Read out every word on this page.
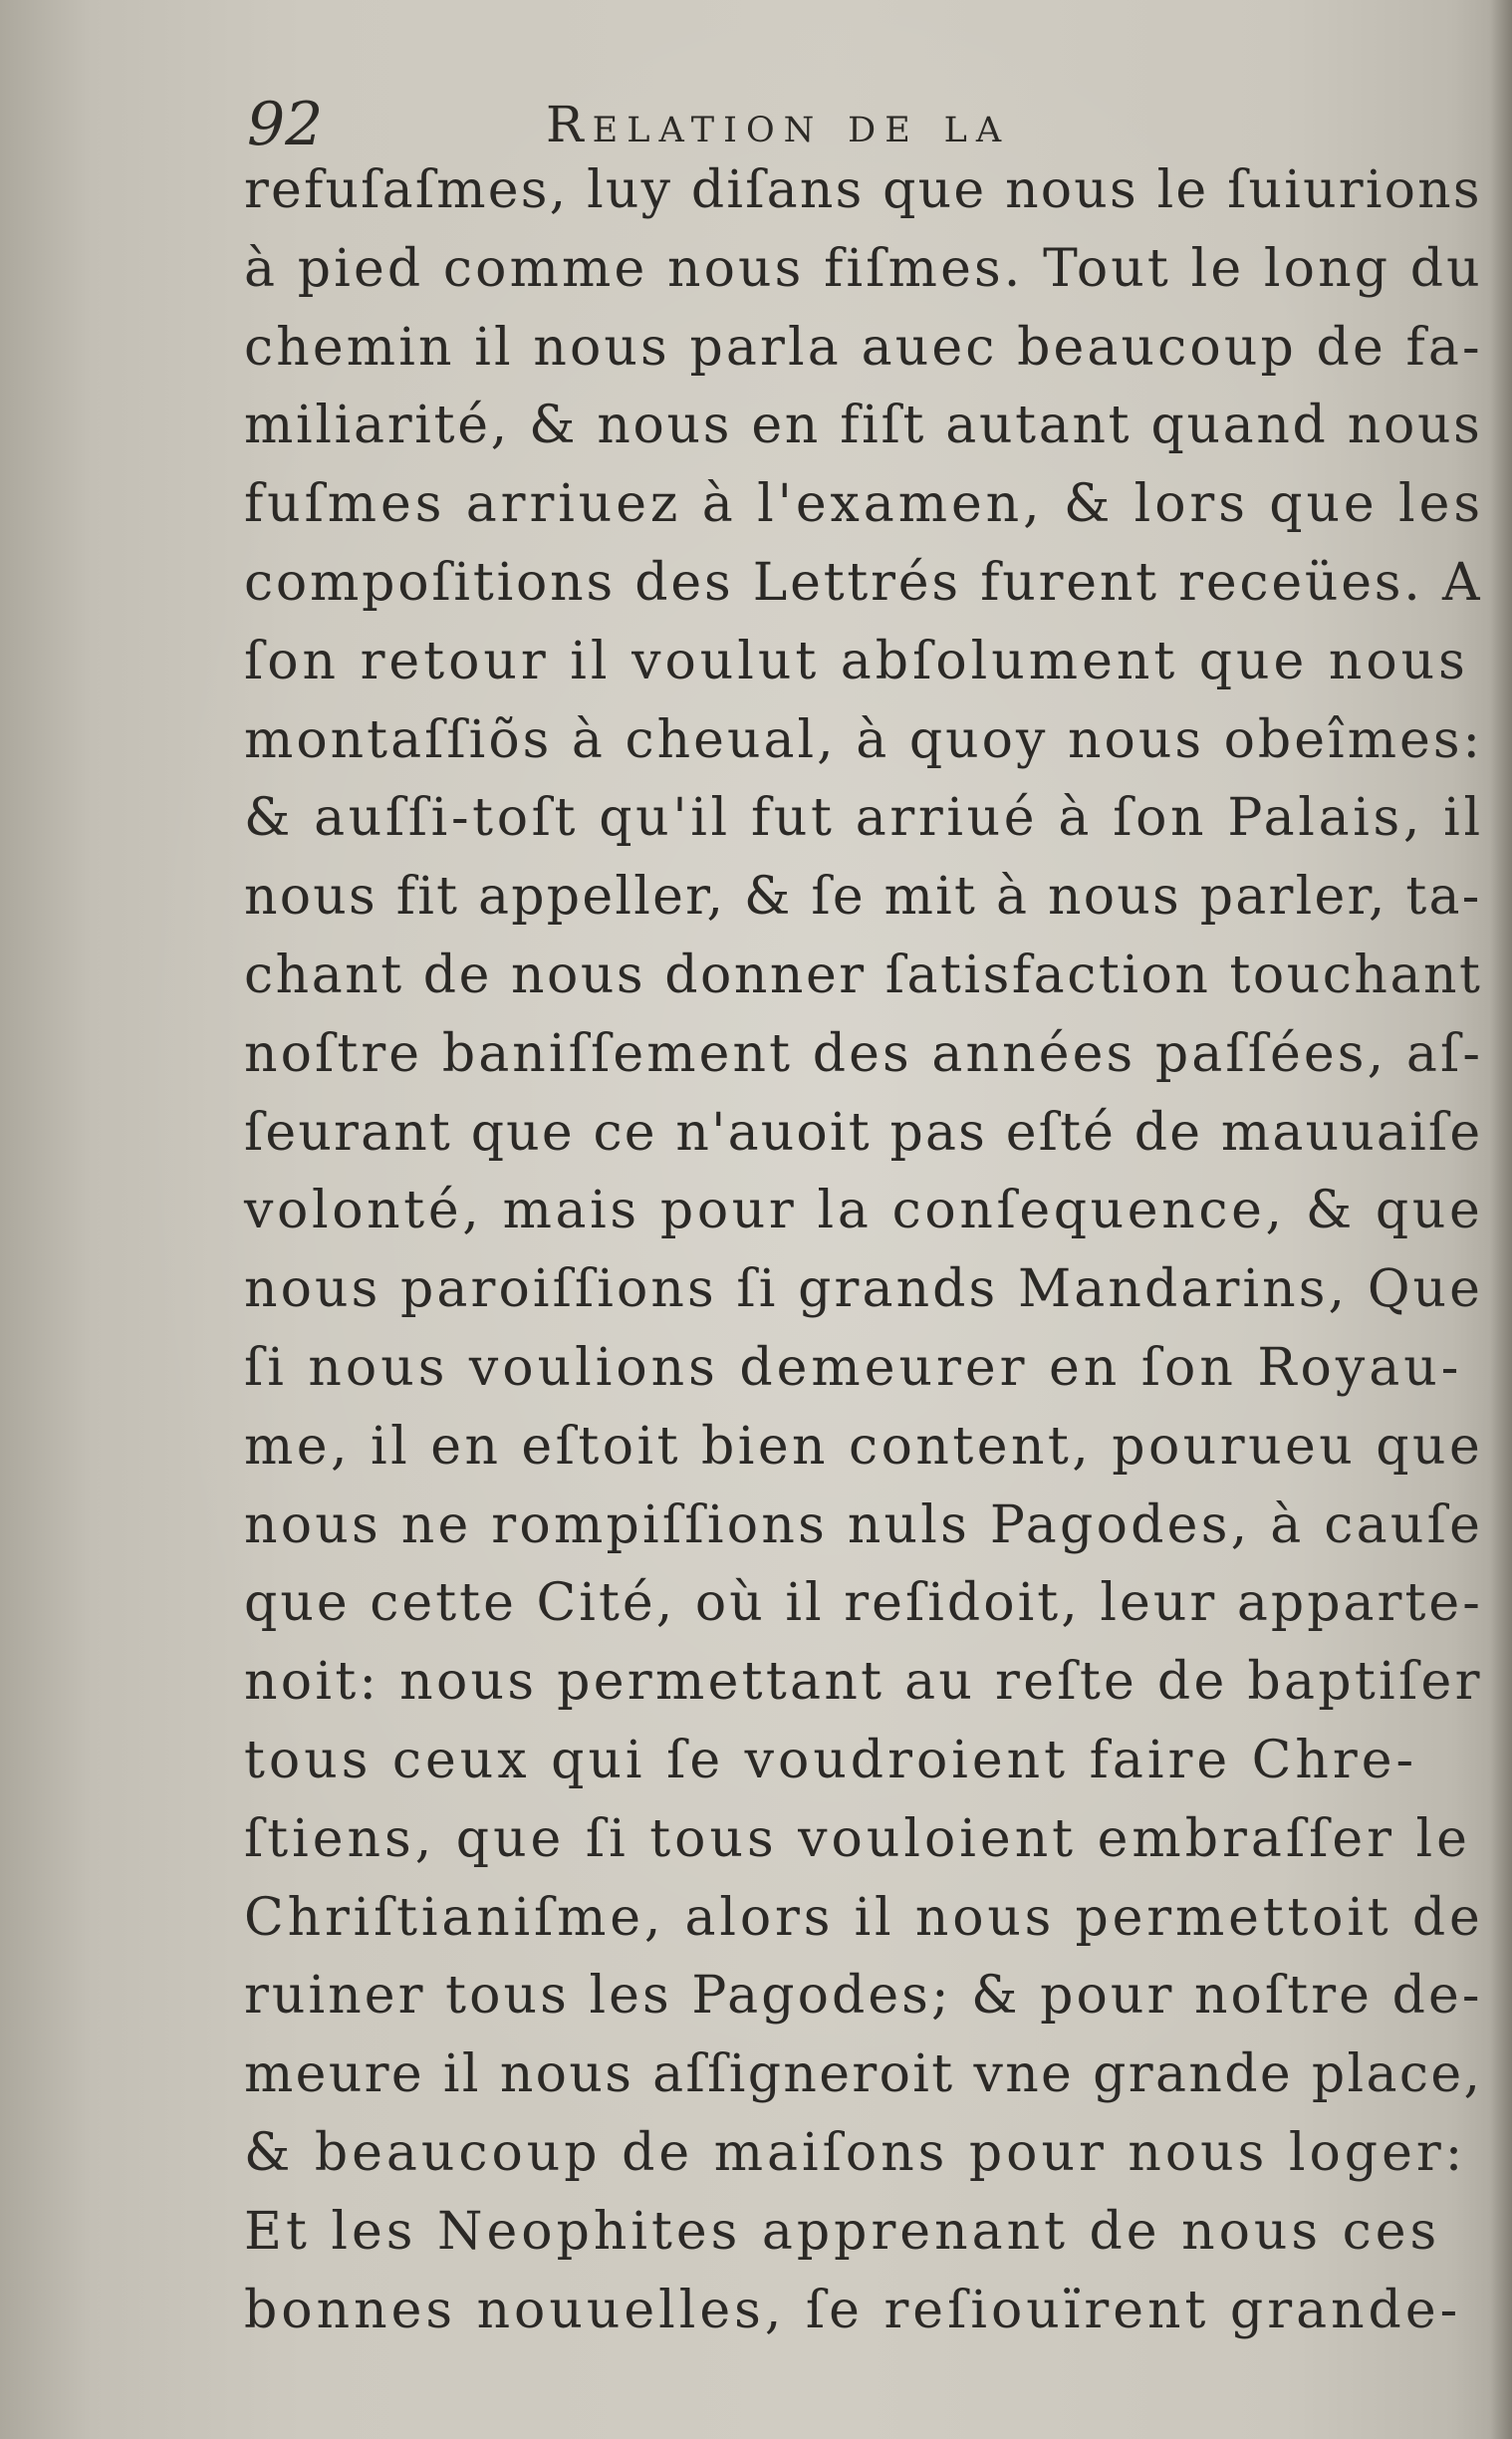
92	Relation de la
refuſaſmes, luy diſans que nous le ſuiurions
à pied comme nous fiſmes. Tout le long du
chemin il nous parla auec beaucoup de fa-
miliarité, & nous en fiſt autant quand nous
fuſmes arriuez à l'examen, & lors que les
compoſitions des Lettrés furent receües. A
ſon retour il voulut abſolument que nous
montaſſiõs à cheual, à quoy nous obeîmes:
& auſſi-toſt qu'il fut arriué à ſon Palais, il
nous fit appeller, & ſe mit à nous parler, ta-
chant de nous donner ſatisfaction touchant
noſtre baniſſement des années paſſées, aſ-
ſeurant que ce n'auoit pas eſté de mauuaiſe
volonté, mais pour la conſequence, & que
nous paroiſſions ſi grands Mandarins, Que
ſi nous voulions demeurer en ſon Royau-
me, il en eſtoit bien content, pourueu que
nous ne rompiſſions nuls Pagodes, à cauſe
que cette Cité, où il reſidoit, leur apparte-
noit: nous permettant au reſte de baptiſer
tous ceux qui ſe voudroient faire Chre-
ſtiens, que ſi tous vouloient embraſſer le
Chriſtianiſme, alors il nous permettoit de
ruiner tous les Pagodes; & pour noſtre de-
meure il nous aſſigneroit vne grande place,
& beaucoup de maiſons pour nous loger:
Et les Neophites apprenant de nous ces
bonnes nouuelles, ſe reſiouïrent grande-
